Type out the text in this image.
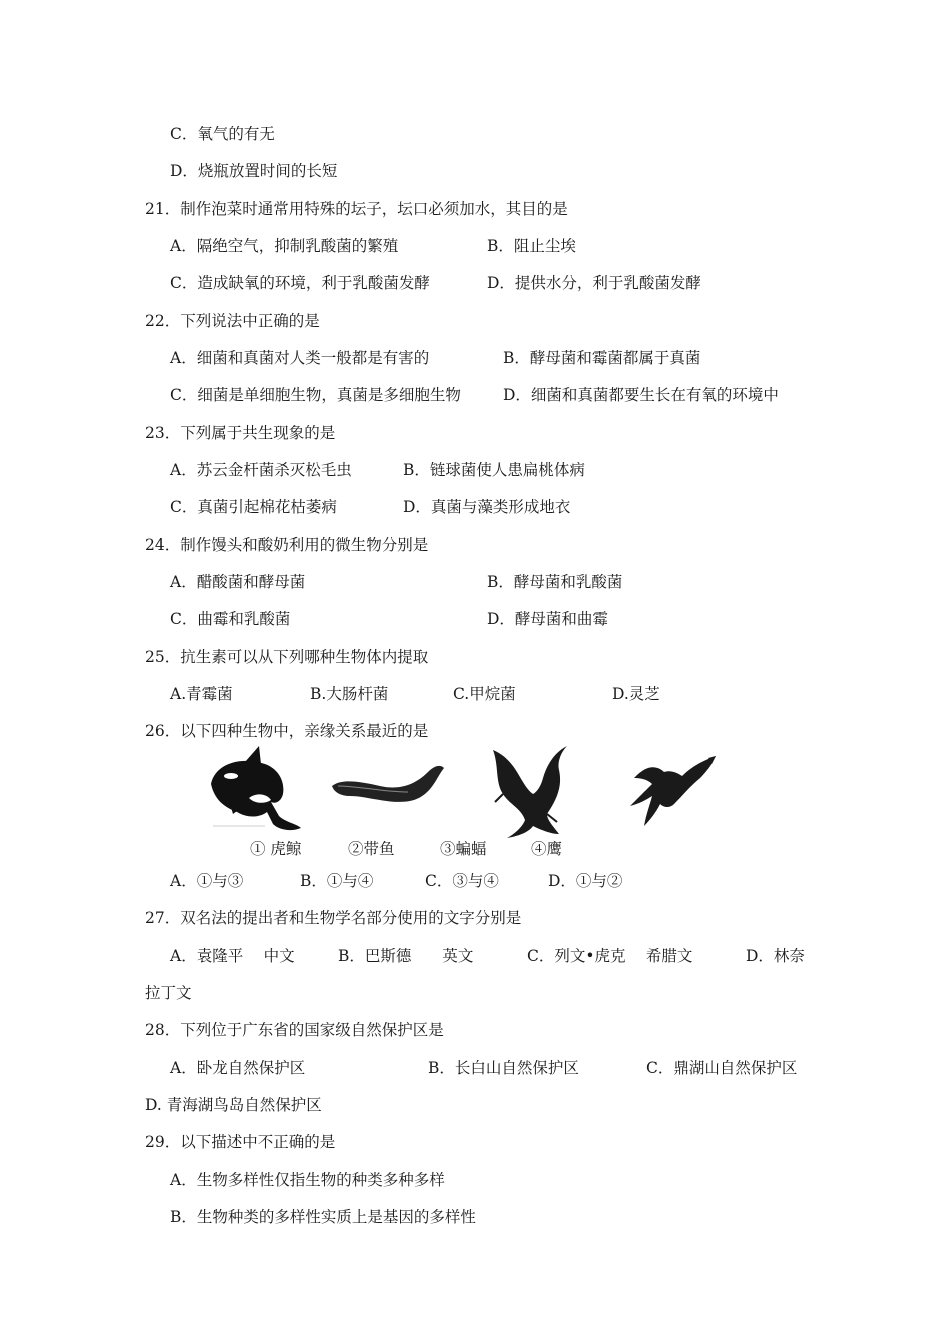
C．氧气的有无
D．烧瓶放置时间的长短
21．制作泡菜时通常用特殊的坛子，坛口必须加水，其目的是
A．隔绝空气，抑制乳酸菌的繁殖	B．阻止尘埃
C．造成缺氧的环境，利于乳酸菌发酵	D．提供水分，利于乳酸菌发酵
22．下列说法中正确的是
A．细菌和真菌对人类一般都是有害的	B．酵母菌和霉菌都属于真菌
C．细菌是单细胞生物，真菌是多细胞生物	D．细菌和真菌都要生长在有氧的环境中
23．下列属于共生现象的是
A．苏云金杆菌杀灭松毛虫	B．链球菌使人患扁桃体病
C．真菌引起棉花枯萎病	D．真菌与藻类形成地衣
24．制作馒头和酸奶利用的微生物分别是
A．醋酸菌和酵母菌	B．酵母菌和乳酸菌
C．曲霉和乳酸菌	D．酵母菌和曲霉
25．抗生素可以从下列哪种生物体内提取
A.青霉菌	B.大肠杆菌	C.甲烷菌	D.灵芝
26．以下四种生物中，亲缘关系最近的是
① 虎鲸	②带鱼	③蝙蝠	④鹰
A．①与③	B．①与④	C．③与④	D．①与②
27．双名法的提出者和生物学名部分使用的文字分别是
A．袁隆平　 中文	B．巴斯德　　英文	C．列文•虎克　 希腊文	D．林奈
拉丁文
28．下列位于广东省的国家级自然保护区是
A．卧龙自然保护区	B．长白山自然保护区	C．鼎湖山自然保护区
D. 青海湖鸟岛自然保护区
29．以下描述中不正确的是
A．生物多样性仅指生物的种类多种多样
B．生物种类的多样性实质上是基因的多样性
